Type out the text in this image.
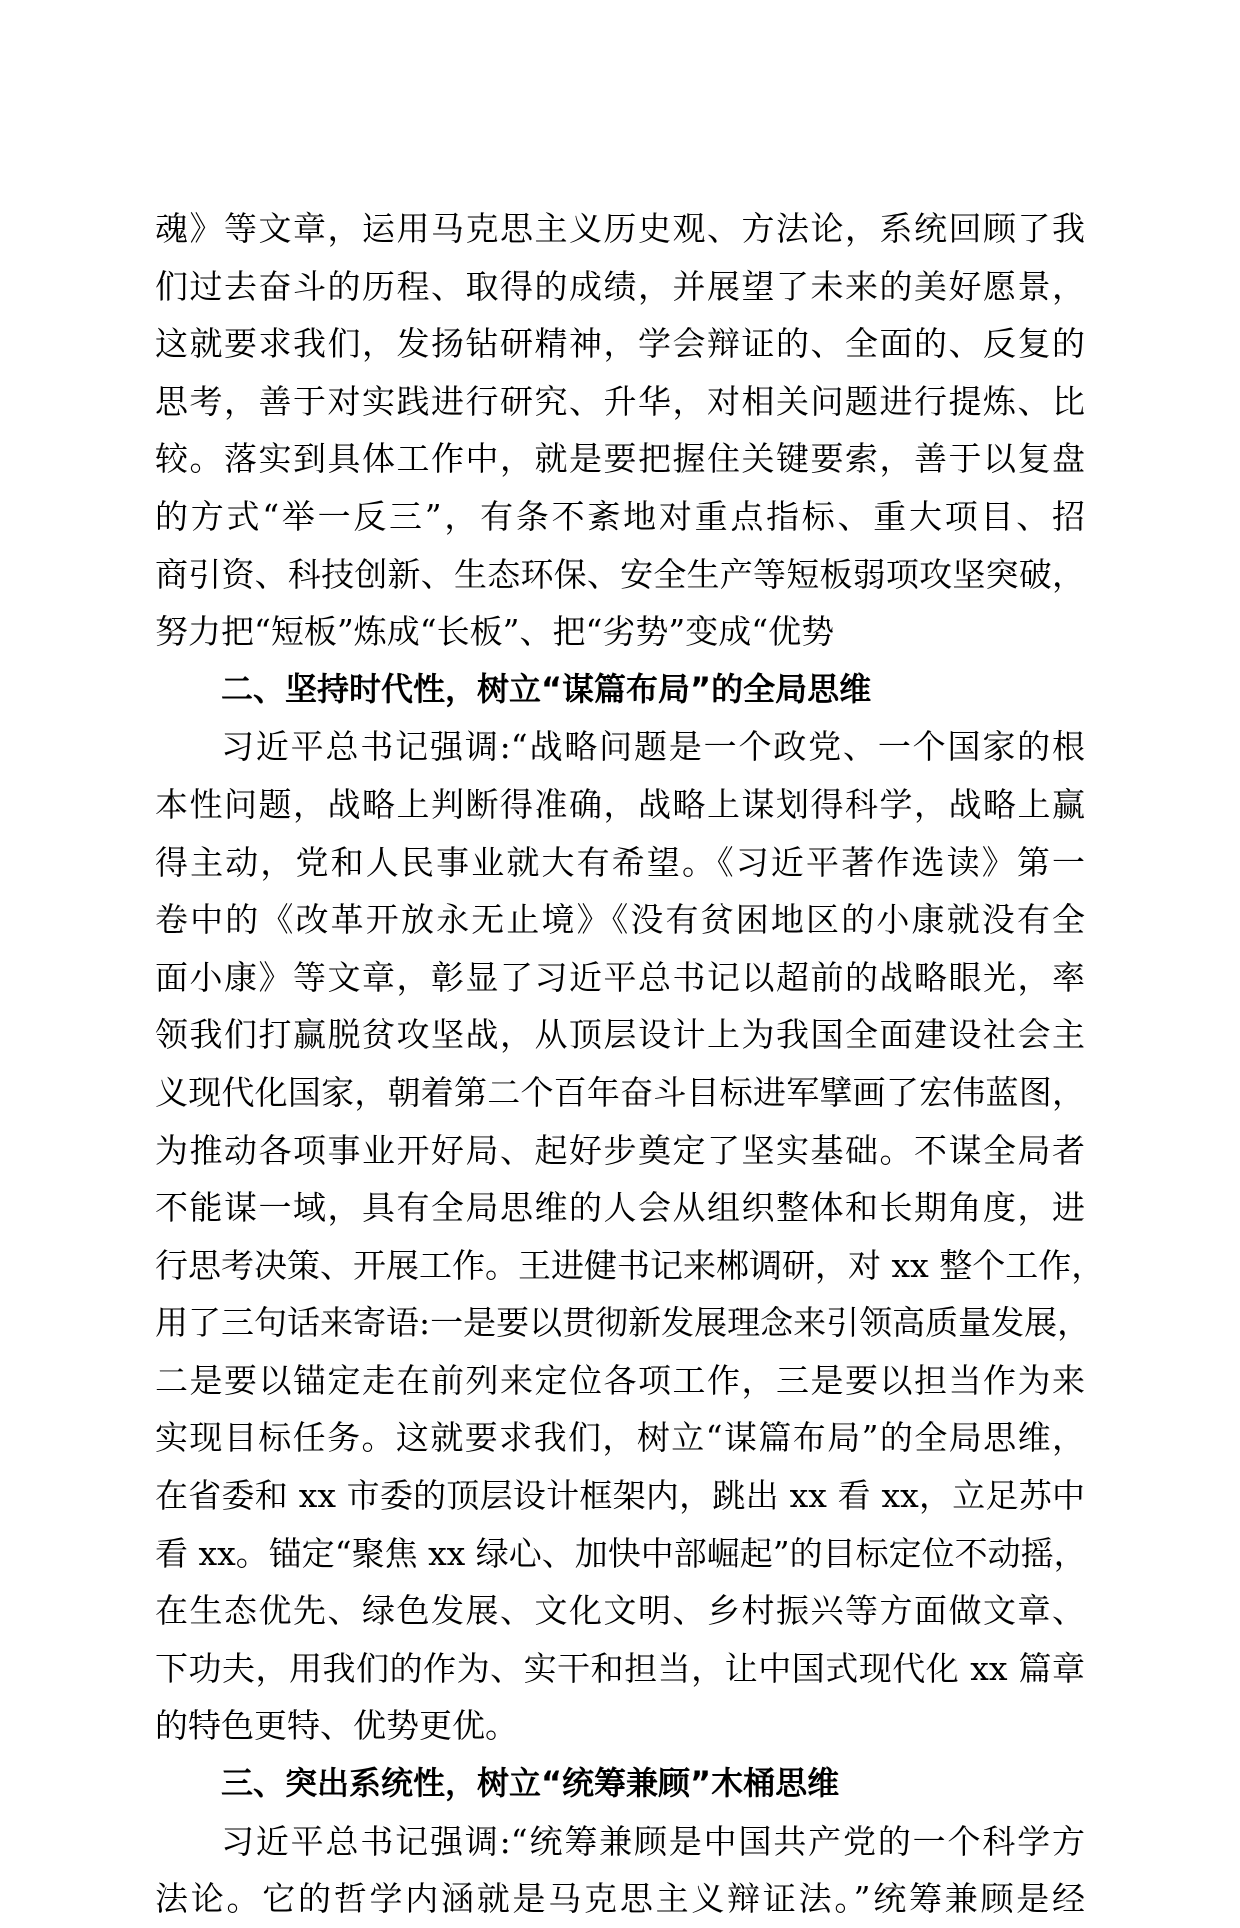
魂》等文章，运用马克思主义历史观、方法论，系统回顾了我
们过去奋斗的历程、取得的成绩，并展望了未来的美好愿景，
这就要求我们，发扬钻研精神，学会辩证的、全面的、反复的
思考，善于对实践进行研究、升华，对相关问题进行提炼、比
较。落实到具体工作中，就是要把握住关键要索，善于以复盘
的方式“举一反三”，有条不紊地对重点指标、重大项目、招
商引资、科技创新、生态环保、安全生产等短板弱项攻坚突破，
努力把“短板”炼成“长板”、把“劣势”变成“优势
二、坚持时代性，树立“谋篇布局”的全局思维
习近平总书记强调:“战略问题是一个政党、一个国家的根
本性问题，战略上判断得准确，战略上谋划得科学，战略上赢
得主动，党和人民事业就大有希望。《习近平著作选读》第一
卷中的《改革开放永无止境》《没有贫困地区的小康就没有全
面小康》等文章，彰显了习近平总书记以超前的战略眼光，率
领我们打赢脱贫攻坚战，从顶层设计上为我国全面建设社会主
义现代化国家，朝着第二个百年奋斗目标进军擘画了宏伟蓝图，
为推动各项事业开好局、起好步奠定了坚实基础。不谋全局者
不能谋一域，具有全局思维的人会从组织整体和长期角度，进
行思考决策、开展工作。王进健书记来郴调研，对 xx 整个工作，
用了三句话来寄语:一是要以贯彻新发展理念来引领高质量发展，
二是要以锚定走在前列来定位各项工作，三是要以担当作为来
实现目标任务。这就要求我们，树立“谋篇布局”的全局思维，
在省委和 xx 市委的顶层设计框架内，跳出 xx 看 xx，立足苏中
看 xx。锚定“聚焦 xx 绿心、加快中部崛起”的目标定位不动摇，
在生态优先、绿色发展、文化文明、乡村振兴等方面做文章、
下功夫，用我们的作为、实干和担当，让中国式现代化 xx 篇章
的特色更特、优势更优。
三、突出系统性，树立“统筹兼顾”木桶思维
习近平总书记强调:“统筹兼顾是中国共产党的一个科学方
法论。它的哲学内涵就是马克思主义辩证法。”统筹兼顾是经
